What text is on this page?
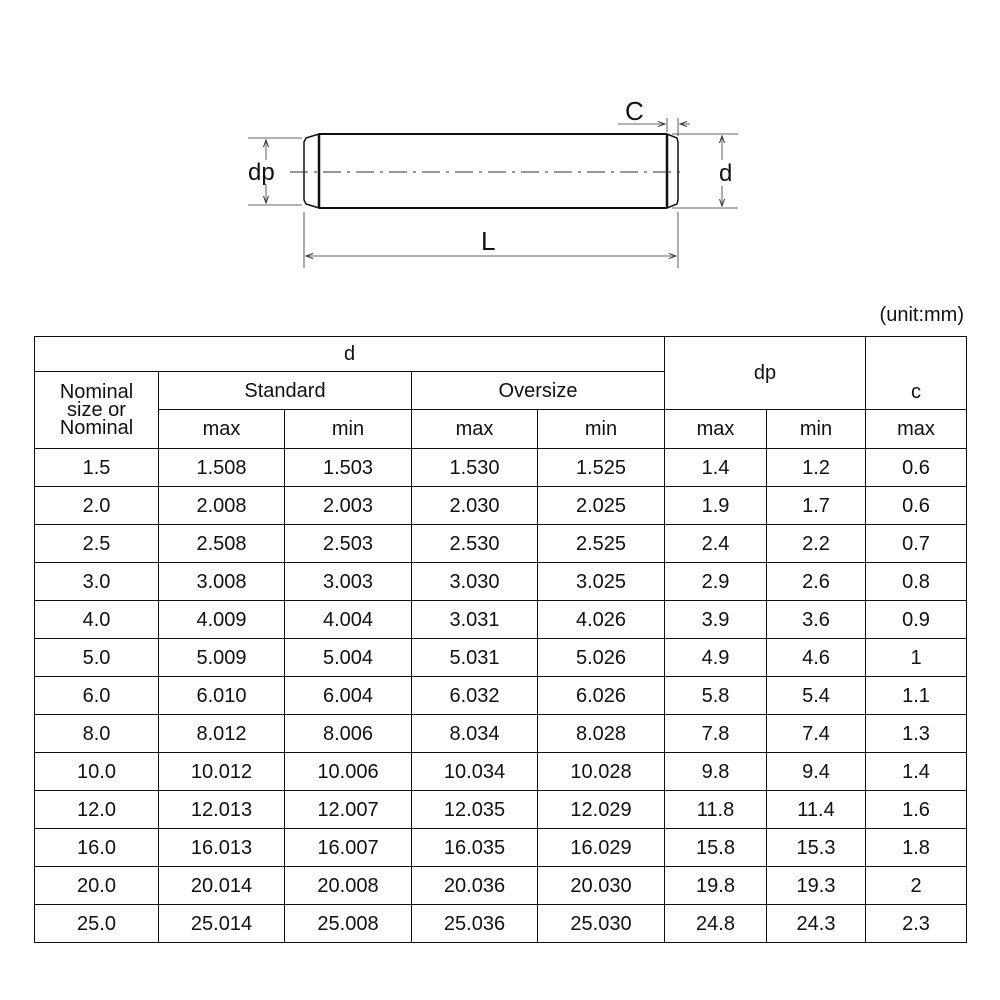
dp	d
L
C
(unit:mm)
d					dp		c

Nominal
size or
Nominal	Standard		Oversize				
	max	min	max	min	max	min	max
1.5	1.508	1.503	1.530	1.525	1.4	1.2	0.6
2.0	2.008	2.003	2.030	2.025	1.9	1.7	0.6
2.5	2.508	2.503	2.530	2.525	2.4	2.2	0.7
3.0	3.008	3.003	3.030	3.025	2.9	2.6	0.8
4.0	4.009	4.004	3.031	4.026	3.9	3.6	0.9
5.0	5.009	5.004	5.031	5.026	4.9	4.6	1
6.0	6.010	6.004	6.032	6.026	5.8	5.4	1.1
8.0	8.012	8.006	8.034	8.028	7.8	7.4	1.3
10.0	10.012	10.006	10.034	10.028	9.8	9.4	1.4
12.0	12.013	12.007	12.035	12.029	11.8	11.4	1.6
16.0	16.013	16.007	16.035	16.029	15.8	15.3	1.8
20.0	20.014	20.008	20.036	20.030	19.8	19.3	2
25.0	25.014	25.008	25.036	25.030	24.8	24.3	2.3
